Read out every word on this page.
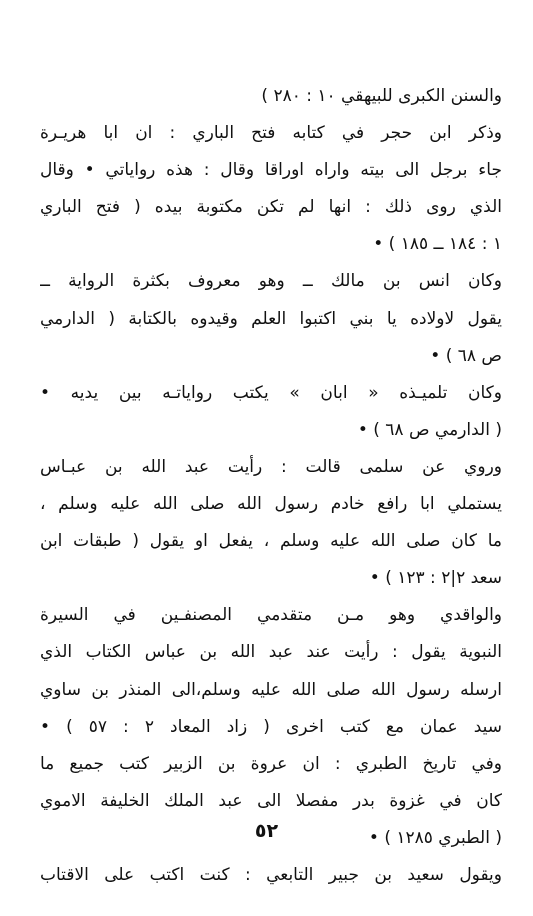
والسنن الكبرى للبيهقي ١٠ : ٢٨٠ )
وذكر ابن حجر في كتابه فتح الباري : ان ابا هريـرة
جاء برجل الى بيته واراه اوراقا وقال : هذه رواياتي • وقال
الذي روى ذلك : انها لم تكن مكتوبة بيده ( فتح الباري
١ : ١٨٤ ــ ١٨٥ ) •
وكان انس بن مالك ــ وهو معروف بكثرة الرواية ــ
يقول لاولاده يا بني اكتبوا العلم وقيدوه بالكتابة ( الدارمي
ص ٦٨ ) •
وكان تلميـذه « ابان » يكتب رواياتـه بين يديه •
( الدارمي ص ٦٨ ) •
وروي عن سلمى قالت : رأيت عبد الله بن عبـاس
يستملي ابا رافع خادم رسول الله صلى الله عليه وسلم ،
ما كان صلى الله عليه وسلم ، يفعل او يقول ( طبقات ابن
سعد ٢|٢ : ١٢٣ ) •
والواقدي وهو مـن متقدمي المصنفـين في السيرة
النبوية يقول : رأيت عند عبد الله بن عباس الكتاب الذي
ارسله رسول الله صلى الله عليه وسلم،الى المنذر بن ساوي
سيد عمان مع كتب اخرى ( زاد المعاد ٢ : ٥٧ ) •
وفي تاريخ الطبري : ان عروة بن الزبير كتب جميع ما
كان في غزوة بدر مفصلا الى عبد الملك الخليفة الاموي
( الطبري ١٢٨٥ ) •
ويقول سعيد بن جبير التابعي : كنت اكتب على الاقتاب
٥٢
